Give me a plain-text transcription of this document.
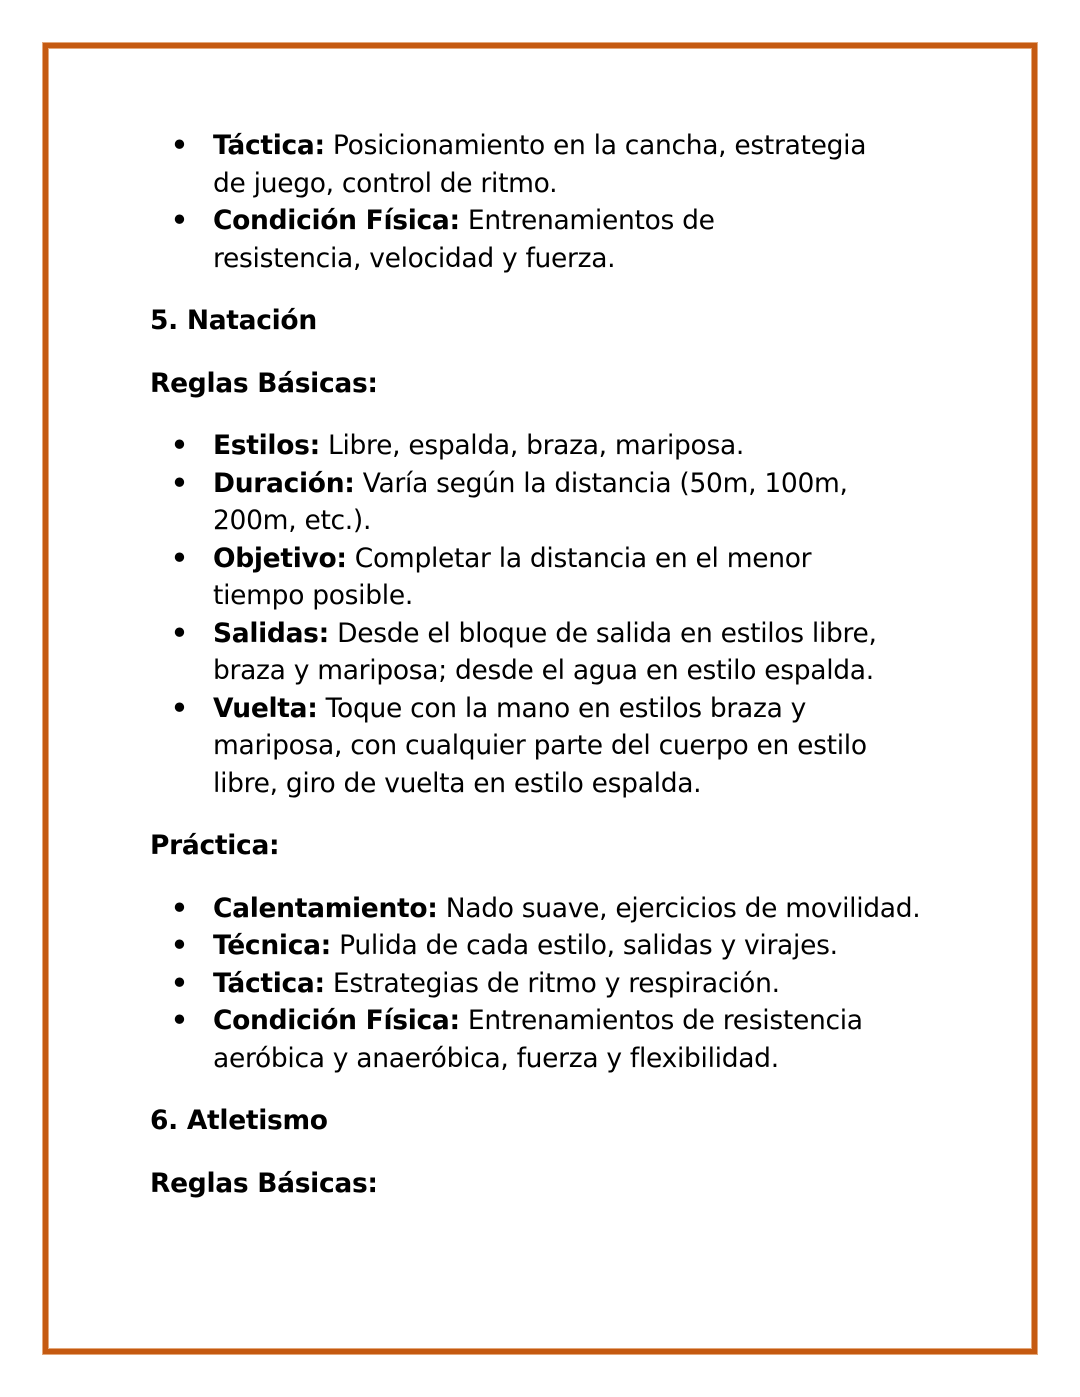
• Táctica: Posicionamiento en la cancha, estrategia de juego, control de ritmo.
• Condición Física: Entrenamientos de resistencia, velocidad y fuerza.
5. Natación
Reglas Básicas:
• Estilos: Libre, espalda, braza, mariposa.
• Duración: Varía según la distancia (50m, 100m, 200m, etc.).
• Objetivo: Completar la distancia en el menor tiempo posible.
• Salidas: Desde el bloque de salida en estilos libre, braza y mariposa; desde el agua en estilo espalda.
• Vuelta: Toque con la mano en estilos braza y mariposa, con cualquier parte del cuerpo en estilo libre, giro de vuelta en estilo espalda.
Práctica:
• Calentamiento: Nado suave, ejercicios de movilidad.
• Técnica: Pulida de cada estilo, salidas y virajes.
• Táctica: Estrategias de ritmo y respiración.
• Condición Física: Entrenamientos de resistencia aeróbica y anaeróbica, fuerza y flexibilidad.
6. Atletismo
Reglas Básicas:
